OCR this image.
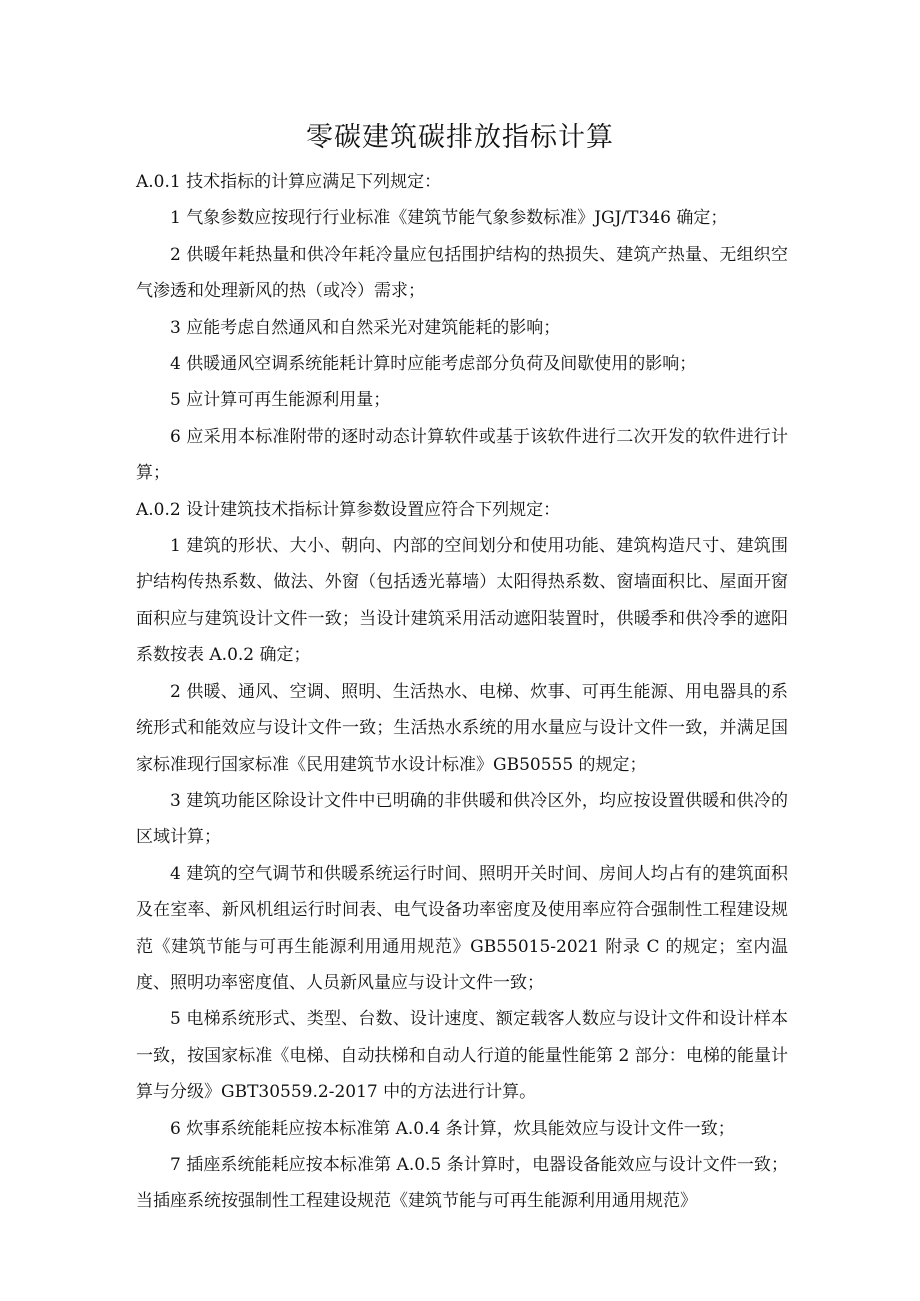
零碳建筑碳排放指标计算

A.0.1 技术指标的计算应满足下列规定：

1 气象参数应按现行行业标准《建筑节能气象参数标准》JGJ/T346 确定；

2 供暖年耗热量和供冷年耗冷量应包括围护结构的热损失、建筑产热量、无组织空气渗透和处理新风的热（或冷）需求；

3 应能考虑自然通风和自然采光对建筑能耗的影响；

4 供暖通风空调系统能耗计算时应能考虑部分负荷及间歇使用的影响；

5 应计算可再生能源利用量；

6 应采用本标准附带的逐时动态计算软件或基于该软件进行二次开发的软件进行计算；

A.0.2 设计建筑技术指标计算参数设置应符合下列规定：

1 建筑的形状、大小、朝向、内部的空间划分和使用功能、建筑构造尺寸、建筑围护结构传热系数、做法、外窗（包括透光幕墙）太阳得热系数、窗墙面积比、屋面开窗面积应与建筑设计文件一致；当设计建筑采用活动遮阳装置时，供暖季和供冷季的遮阳系数按表 A.0.2 确定；

2 供暖、通风、空调、照明、生活热水、电梯、炊事、可再生能源、用电器具的系统形式和能效应与设计文件一致；生活热水系统的用水量应与设计文件一致，并满足国家标准现行国家标准《民用建筑节水设计标准》GB50555 的规定；

3 建筑功能区除设计文件中已明确的非供暖和供冷区外，均应按设置供暖和供冷的区域计算；

4 建筑的空气调节和供暖系统运行时间、照明开关时间、房间人均占有的建筑面积及在室率、新风机组运行时间表、电气设备功率密度及使用率应符合强制性工程建设规范《建筑节能与可再生能源利用通用规范》GB55015-2021 附录 C 的规定；室内温度、照明功率密度值、人员新风量应与设计文件一致；

5 电梯系统形式、类型、台数、设计速度、额定载客人数应与设计文件和设计样本一致，按国家标准《电梯、自动扶梯和自动人行道的能量性能第 2 部分：电梯的能量计算与分级》GBT30559.2-2017 中的方法进行计算。

6 炊事系统能耗应按本标准第 A.0.4 条计算，炊具能效应与设计文件一致；

7 插座系统能耗应按本标准第 A.0.5 条计算时，电器设备能效应与设计文件一致；当插座系统按强制性工程建设规范《建筑节能与可再生能源利用通用规范》
